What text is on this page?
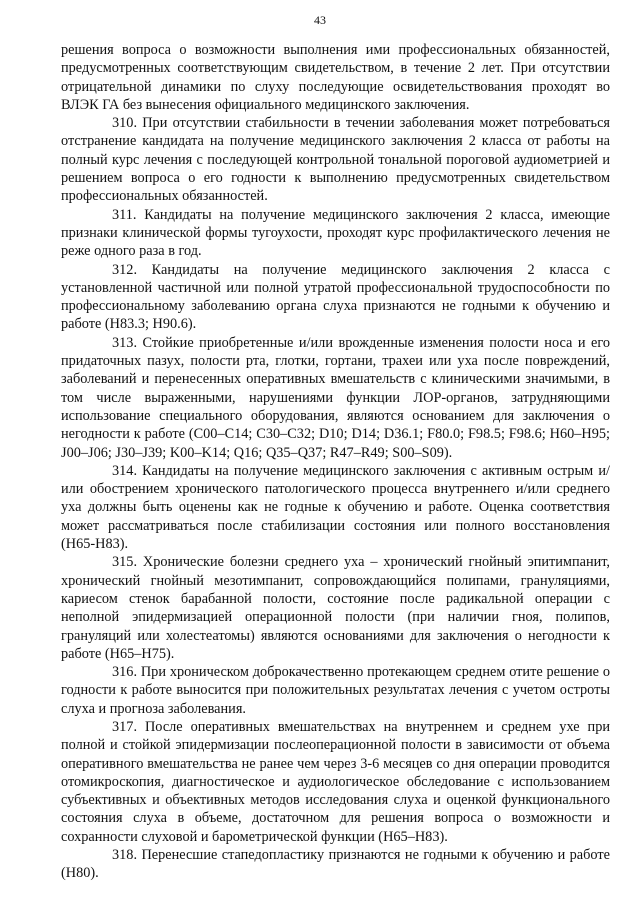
43

решения вопроса о возможности выполнения ими профессиональных обязанностей, предусмотренных соответствующим свидетельством, в течение 2 лет. При отсутствии отрицательной динамики по слуху последующие освидетельствования проходят во ВЛЭК ГА без вынесения официального медицинского заключения.

310. При отсутствии стабильности в течении заболевания может потребоваться отстранение кандидата на получение медицинского заключения 2 класса от работы на полный курс лечения с последующей контрольной тональной пороговой аудиометрией и решением вопроса о его годности к выполнению предусмотренных свидетельством профессиональных обязанностей.

311. Кандидаты на получение медицинского заключения 2 класса, имеющие признаки клинической формы тугоухости, проходят курс профилактического лечения не реже одного раза в год.

312. Кандидаты на получение медицинского заключения 2 класса с установленной частичной или полной утратой профессиональной трудоспособности по профессиональному заболеванию органа слуха признаются не годными к обучению и работе (H83.3; H90.6).

313. Стойкие приобретенные и/или врожденные изменения полости носа и его придаточных пазух, полости рта, глотки, гортани, трахеи или уха после повреждений, заболеваний и перенесенных оперативных вмешательств с клиническими значимыми, в том числе выраженными, нарушениями функции ЛОР-органов, затрудняющими использование специального оборудования, являются основанием для заключения о негодности к работе (С00–С14; С30–С32; D10; D14; D36.1; F80.0; F98.5; F98.6; H60–H95; J00–J06; J30–J39; K00–K14; Q16; Q35–Q37; R47–R49; S00–S09).

314. Кандидаты на получение медицинского заключения с активным острым и/или обострением хронического патологического процесса внутреннего и/или среднего уха должны быть оценены как не годные к обучению и работе. Оценка соответствия может рассматриваться после стабилизации состояния или полного восстановления (H65-H83).

315. Хронические болезни среднего уха – хронический гнойный эпитимпанит, хронический гнойный мезотимпанит, сопровождающийся полипами, грануляциями, кариесом стенок барабанной полости, состояние после радикальной операции с неполной эпидермизацией операционной полости (при наличии гноя, полипов, грануляций или холестеатомы) являются основаниями для заключения о негодности к работе (H65–H75).

316. При хроническом доброкачественно протекающем среднем отите решение о годности к работе выносится при положительных результатах лечения с учетом остроты слуха и прогноза заболевания.

317. После оперативных вмешательствах на внутреннем и среднем ухе при полной и стойкой эпидермизации послеоперационной полости в зависимости от объема оперативного вмешательства не ранее чем через 3-6 месяцев со дня операции проводится отомикроскопия, диагностическое и аудиологическое обследование с использованием субъективных и объективных методов исследования слуха и оценкой функционального состояния слуха в объеме, достаточном для решения вопроса о возможности и сохранности слуховой и барометрической функции (H65–H83).

318. Перенесшие стапедопластику признаются не годными к обучению и работе (H80).
